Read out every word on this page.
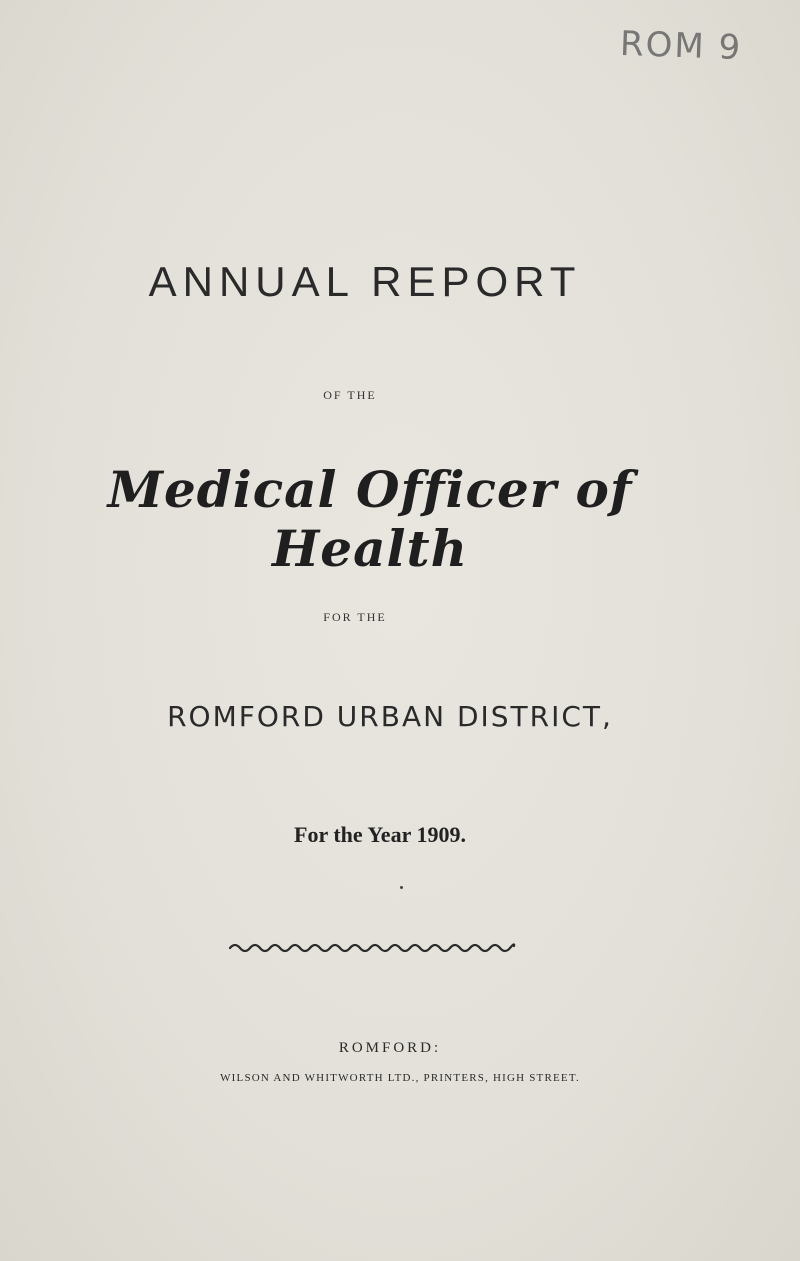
ROM 9
ANNUAL REPORT
OF THE
Medical Officer of Health
FOR THE
ROMFORD URBAN DISTRICT,
For the Year 1909.
ROMFORD:
WILSON AND WHITWORTH LTD., PRINTERS, HIGH STREET.
